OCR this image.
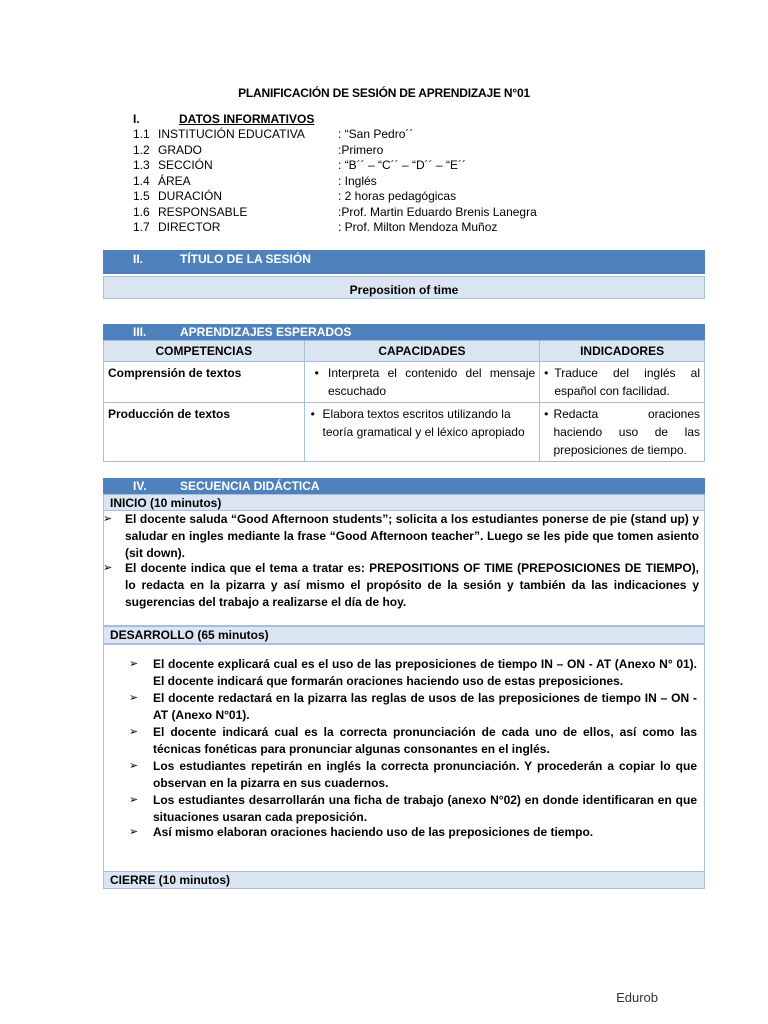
PLANIFICACIÓN DE SESIÓN DE APRENDIZAJE N°01
I.	DATOS INFORMATIVOS
1.1 INSTITUCIÓN EDUCATIVA	: “San Pedro´´
1.2 GRADO	:Primero
1.3 SECCIÓN	: “B´´ – “C´´ – “D´´ – “E´´
1.4 ÁREA	: Inglés
1.5 DURACIÓN	: 2 horas pedagógicas
1.6 RESPONSABLE	:Prof. Martin Eduardo Brenis Lanegra
1.7 DIRECTOR	: Prof. Milton Mendoza Muñoz
II.	TÍTULO DE LA SESIÓN
Preposition of time
III.	APRENDIZAJES ESPERADOS
COMPETENCIAS	CAPACIDADES	INDICADORES
Comprensión de textos	• Interpreta el contenido del mensaje escuchado	• Traduce del inglés al español con facilidad.

Producción de textos	• Elabora textos escritos utilizando la teoría gramatical y el léxico apropiado	• Redacta oraciones haciendo uso de las preposiciones de tiempo.
IV.	SECUENCIA DIDÁCTICA
INICIO (10 minutos)
➢ El docente saluda “Good Afternoon students”; solicita a los estudiantes ponerse de pie (stand up) y saludar en ingles mediante la frase “Good Afternoon teacher”. Luego se les pide que tomen asiento (sit down).
➢ El docente indica que el tema a tratar es: PREPOSITIONS OF TIME (PREPOSICIONES DE TIEMPO), lo redacta en la pizarra y así mismo el propósito de la sesión y también da las indicaciones y sugerencias del trabajo a realizarse el día de hoy.
DESARROLLO (65 minutos)
➢ El docente explicará cual es el uso de las preposiciones de tiempo IN – ON - AT (Anexo N° 01). El docente indicará que formarán oraciones haciendo uso de estas preposiciones.
➢ El docente redactará en la pizarra las reglas de usos de las preposiciones de tiempo IN – ON - AT (Anexo N°01).
➢ El docente indicará cual es la correcta pronunciación de cada uno de ellos, así como las técnicas fonéticas para pronunciar algunas consonantes en el inglés.
➢ Los estudiantes repetirán en inglés la correcta pronunciación. Y procederán a copiar lo que observan en la pizarra en sus cuadernos.
➢ Los estudiantes desarrollarán una ficha de trabajo (anexo N°02) en donde identificaran en que situaciones usaran cada preposición.
➢ Así mismo elaboran oraciones haciendo uso de las preposiciones de tiempo.
CIERRE (10 minutos)
Edurob
